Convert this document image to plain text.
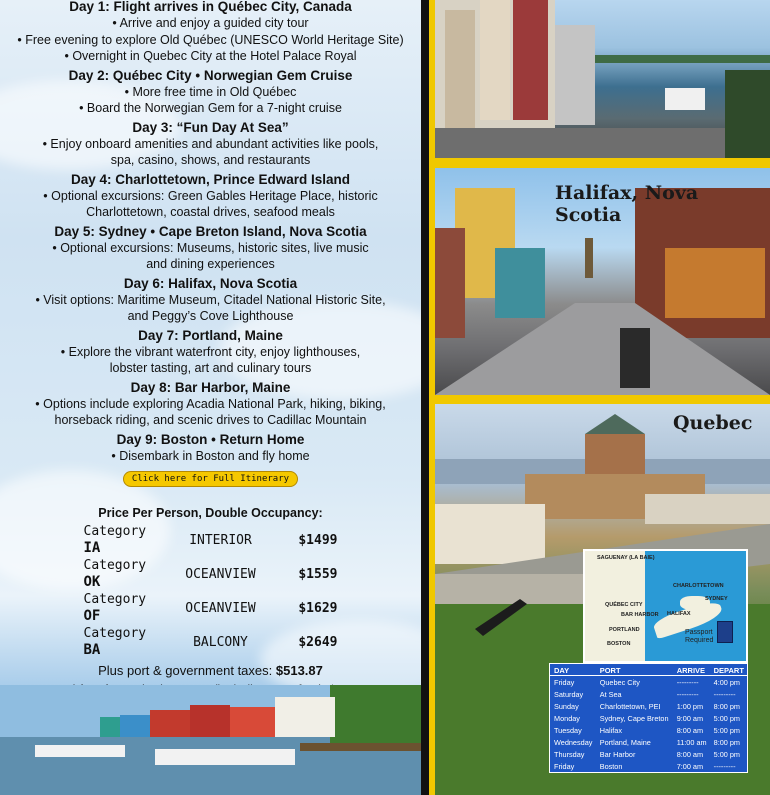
Day 1: Flight arrives in Québec City, Canada
• Arrive and enjoy a guided city tour
• Free evening to explore Old Québec (UNESCO World Heritage Site)
• Overnight in Quebec City at the Hotel Palace Royal
Day 2: Québec City • Norwegian Gem Cruise
• More free time in Old Québec
• Board the Norwegian Gem for a 7-night cruise
Day 3: “Fun Day At Sea”
• Enjoy onboard amenities and abundant activities like pools,
spa, casino, shows, and restaurants
Day 4: Charlottetown, Prince Edward Island
• Optional excursions: Green Gables Heritage Place, historic
Charlottetown, coastal drives, seafood meals
Day 5: Sydney • Cape Breton Island, Nova Scotia
• Optional excursions: Museums, historic sites, live music
and dining experiences
Day 6: Halifax, Nova Scotia
• Visit options: Maritime Museum, Citadel National Historic Site,
and Peggy’s Cove Lighthouse
Day 7: Portland, Maine
• Explore the vibrant waterfront city, enjoy lighthouses,
lobster tasting, art and culinary tours
Day 8: Bar Harbor, Maine
• Options include exploring Acadia National Park, hiking, biking,
horseback riding, and scenic drives to Cadillac Mountain
Day 9: Boston • Return Home
• Disembark in Boston and fly home
Click here for Full Itinerary
Price Per Person, Double Occupancy:
Category IA	INTERIOR	$1499
Category OK	OCEANVIEW	$1559
Category OF	OCEANVIEW	$1629
Category BA	BALCONY	$2649
Plus port & government taxes: $513.87
Halifax, Nova Scotia
Quebec
SAGUENAY (LA BAIE)
QUÉBEC CITY
CHARLOTTETOWN
SYDNEY
BAR HARBOR HALIFAX
PORTLAND
BOSTON
Passport
Required
DAY	PORT	ARRIVE	DEPART
Friday	Quebec City	---------	4:00 pm
Saturday	At Sea	---------	---------
Sunday	Charlottetown, PEI	1:00 pm	8:00 pm
Monday	Sydney, Cape Breton	9:00 am	5:00 pm
Tuesday	Halifax	8:00 am	5:00 pm
Wednesday	Portland, Maine	11:00 am	8:00 pm
Thursday	Bar Harbor	8:00 am	5:00 pm
Friday	Boston	7:00 am	---------
